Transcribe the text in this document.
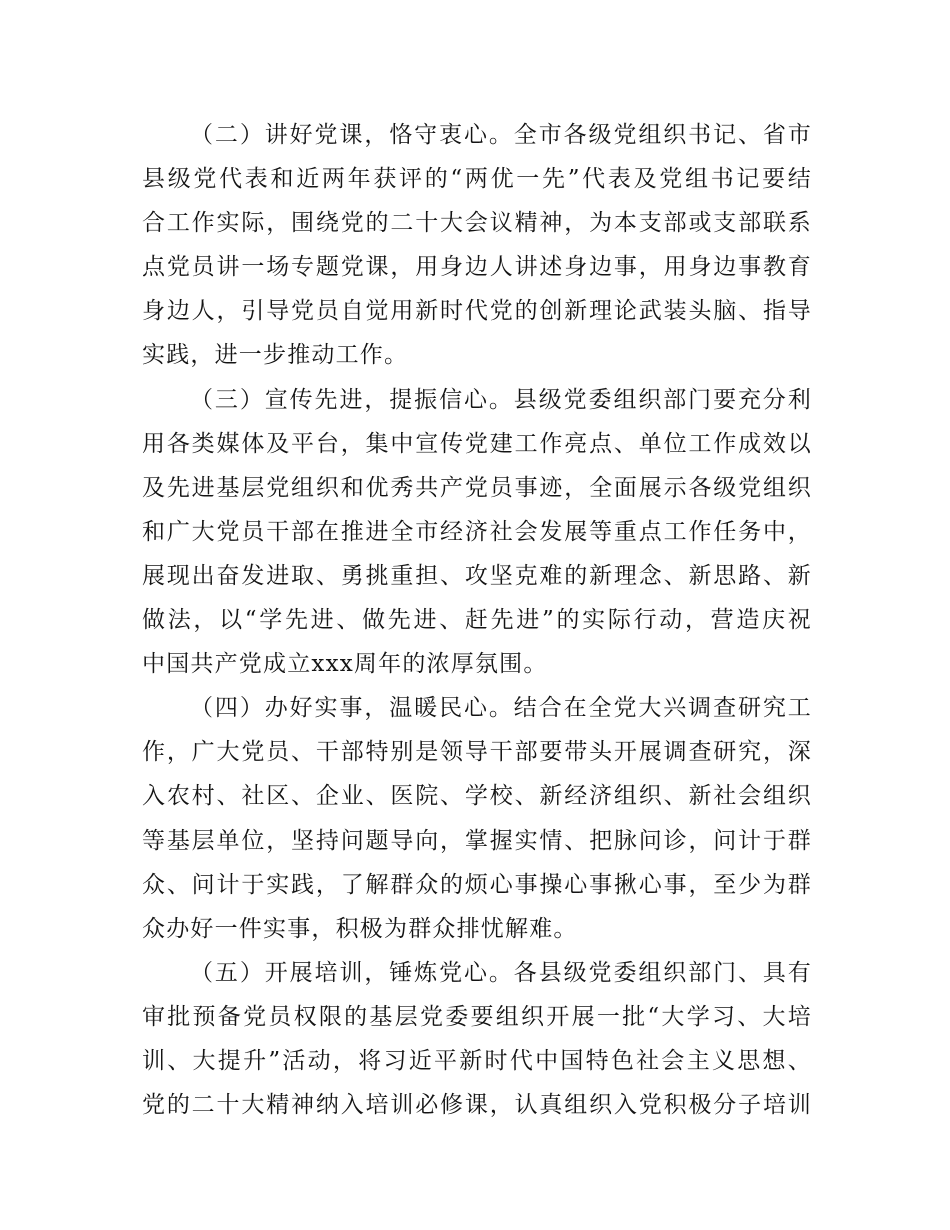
（二）讲好党课，恪守衷心。全市各级党组织书记、省市
县级党代表和近两年获评的“两优一先”代表及党组书记要结
合工作实际，围绕党的二十大会议精神，为本支部或支部联系
点党员讲一场专题党课，用身边人讲述身边事，用身边事教育
身边人，引导党员自觉用新时代党的创新理论武装头脑、指导
实践，进一步推动工作。
（三）宣传先进，提振信心。县级党委组织部门要充分利
用各类媒体及平台，集中宣传党建工作亮点、单位工作成效以
及先进基层党组织和优秀共产党员事迹，全面展示各级党组织
和广大党员干部在推进全市经济社会发展等重点工作任务中，
展现出奋发进取、勇挑重担、攻坚克难的新理念、新思路、新
做法，以“学先进、做先进、赶先进”的实际行动，营造庆祝
中国共产党成立xxx周年的浓厚氛围。
（四）办好实事，温暖民心。结合在全党大兴调查研究工
作，广大党员、干部特别是领导干部要带头开展调查研究，深
入农村、社区、企业、医院、学校、新经济组织、新社会组织
等基层单位，坚持问题导向，掌握实情、把脉问诊，问计于群
众、问计于实践，了解群众的烦心事操心事揪心事，至少为群
众办好一件实事，积极为群众排忧解难。
（五）开展培训，锤炼党心。各县级党委组织部门、具有
审批预备党员权限的基层党委要组织开展一批“大学习、大培
训、大提升”活动，将习近平新时代中国特色社会主义思想、
党的二十大精神纳入培训必修课，认真组织入党积极分子培训
